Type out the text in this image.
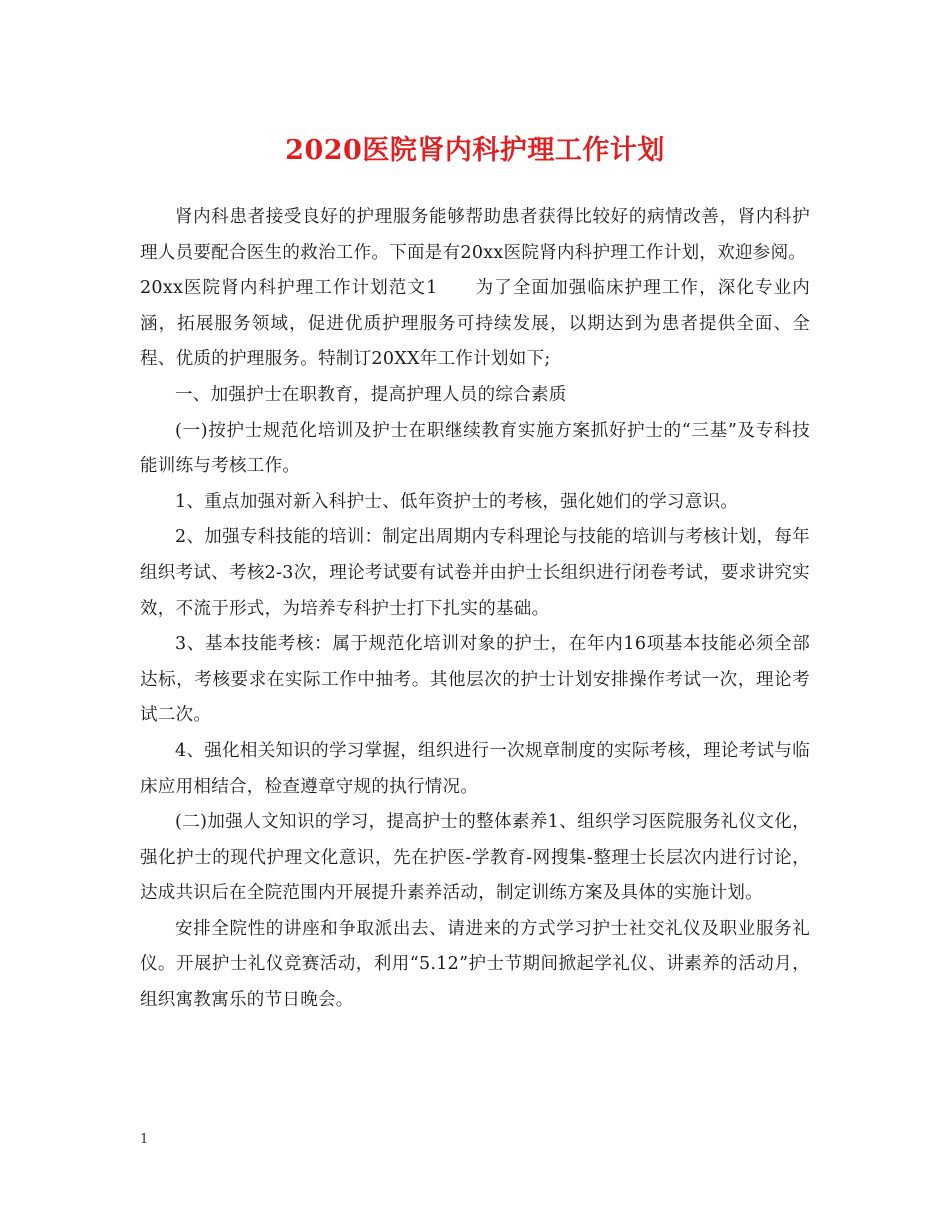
2020医院肾内科护理工作计划

肾内科患者接受良好的护理服务能够帮助患者获得比较好的病情改善，肾内科护理人员要配合医生的救治工作。下面是有20xx医院肾内科护理工作计划，欢迎参阅。

20xx医院肾内科护理工作计划范文1　　为了全面加强临床护理工作，深化专业内涵，拓展服务领域，促进优质护理服务可持续发展，以期达到为患者提供全面、全程、优质的护理服务。特制订20XX年工作计划如下;

一、加强护士在职教育，提高护理人员的综合素质

(一)按护士规范化培训及护士在职继续教育实施方案抓好护士的“三基”及专科技能训练与考核工作。

1、重点加强对新入科护士、低年资护士的考核，强化她们的学习意识。

2、加强专科技能的培训：制定出周期内专科理论与技能的培训与考核计划，每年组织考试、考核2-3次，理论考试要有试卷并由护士长组织进行闭卷考试，要求讲究实效，不流于形式，为培养专科护士打下扎实的基础。

3、基本技能考核：属于规范化培训对象的护士，在年内16项基本技能必须全部达标，考核要求在实际工作中抽考。其他层次的护士计划安排操作考试一次，理论考试二次。

4、强化相关知识的学习掌握，组织进行一次规章制度的实际考核，理论考试与临床应用相结合，检查遵章守规的执行情况。

(二)加强人文知识的学习，提高护士的整体素养1、组织学习医院服务礼仪文化，强化护士的现代护理文化意识，先在护医-学教育-网搜集-整理士长层次内进行讨论，达成共识后在全院范围内开展提升素养活动，制定训练方案及具体的实施计划。

安排全院性的讲座和争取派出去、请进来的方式学习护士社交礼仪及职业服务礼仪。开展护士礼仪竞赛活动，利用“5.12”护士节期间掀起学礼仪、讲素养的活动月，组织寓教寓乐的节日晚会。

1
